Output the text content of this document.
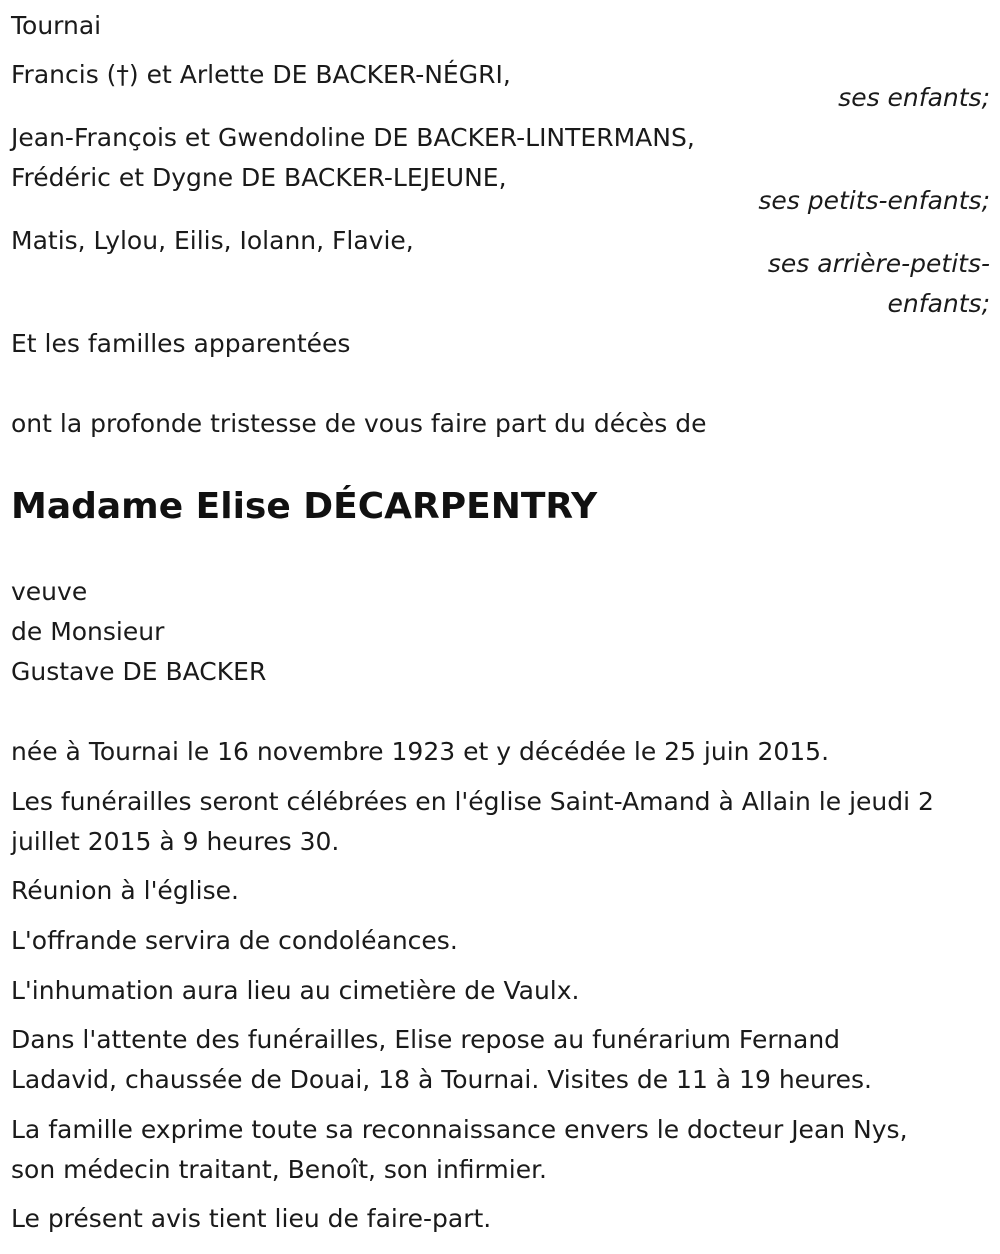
Tournai
Francis (†) et Arlette DE BACKER-NÉGRI,
ses enfants;
Jean-François et Gwendoline DE BACKER-LINTERMANS,
Frédéric et Dygne DE BACKER-LEJEUNE,
ses petits-enfants;
Matis, Lylou, Eilis, Iolann, Flavie,
ses arrière-petits-
enfants;
Et les familles apparentées
ont la profonde tristesse de vous faire part du décès de
Madame Elise DÉCARPENTRY
veuve
de Monsieur
Gustave DE BACKER
née à Tournai le 16 novembre 1923 et y décédée le 25 juin 2015.
Les funérailles seront célébrées en l'église Saint-Amand à Allain le jeudi 2
juillet 2015 à 9 heures 30.
Réunion à l'église.
L'offrande servira de condoléances.
L'inhumation aura lieu au cimetière de Vaulx.
Dans l'attente des funérailles, Elise repose au funérarium Fernand
Ladavid, chaussée de Douai, 18 à Tournai. Visites de 11 à 19 heures.
La famille exprime toute sa reconnaissance envers le docteur Jean Nys,
son médecin traitant, Benoît, son infirmier.
Le présent avis tient lieu de faire-part.
